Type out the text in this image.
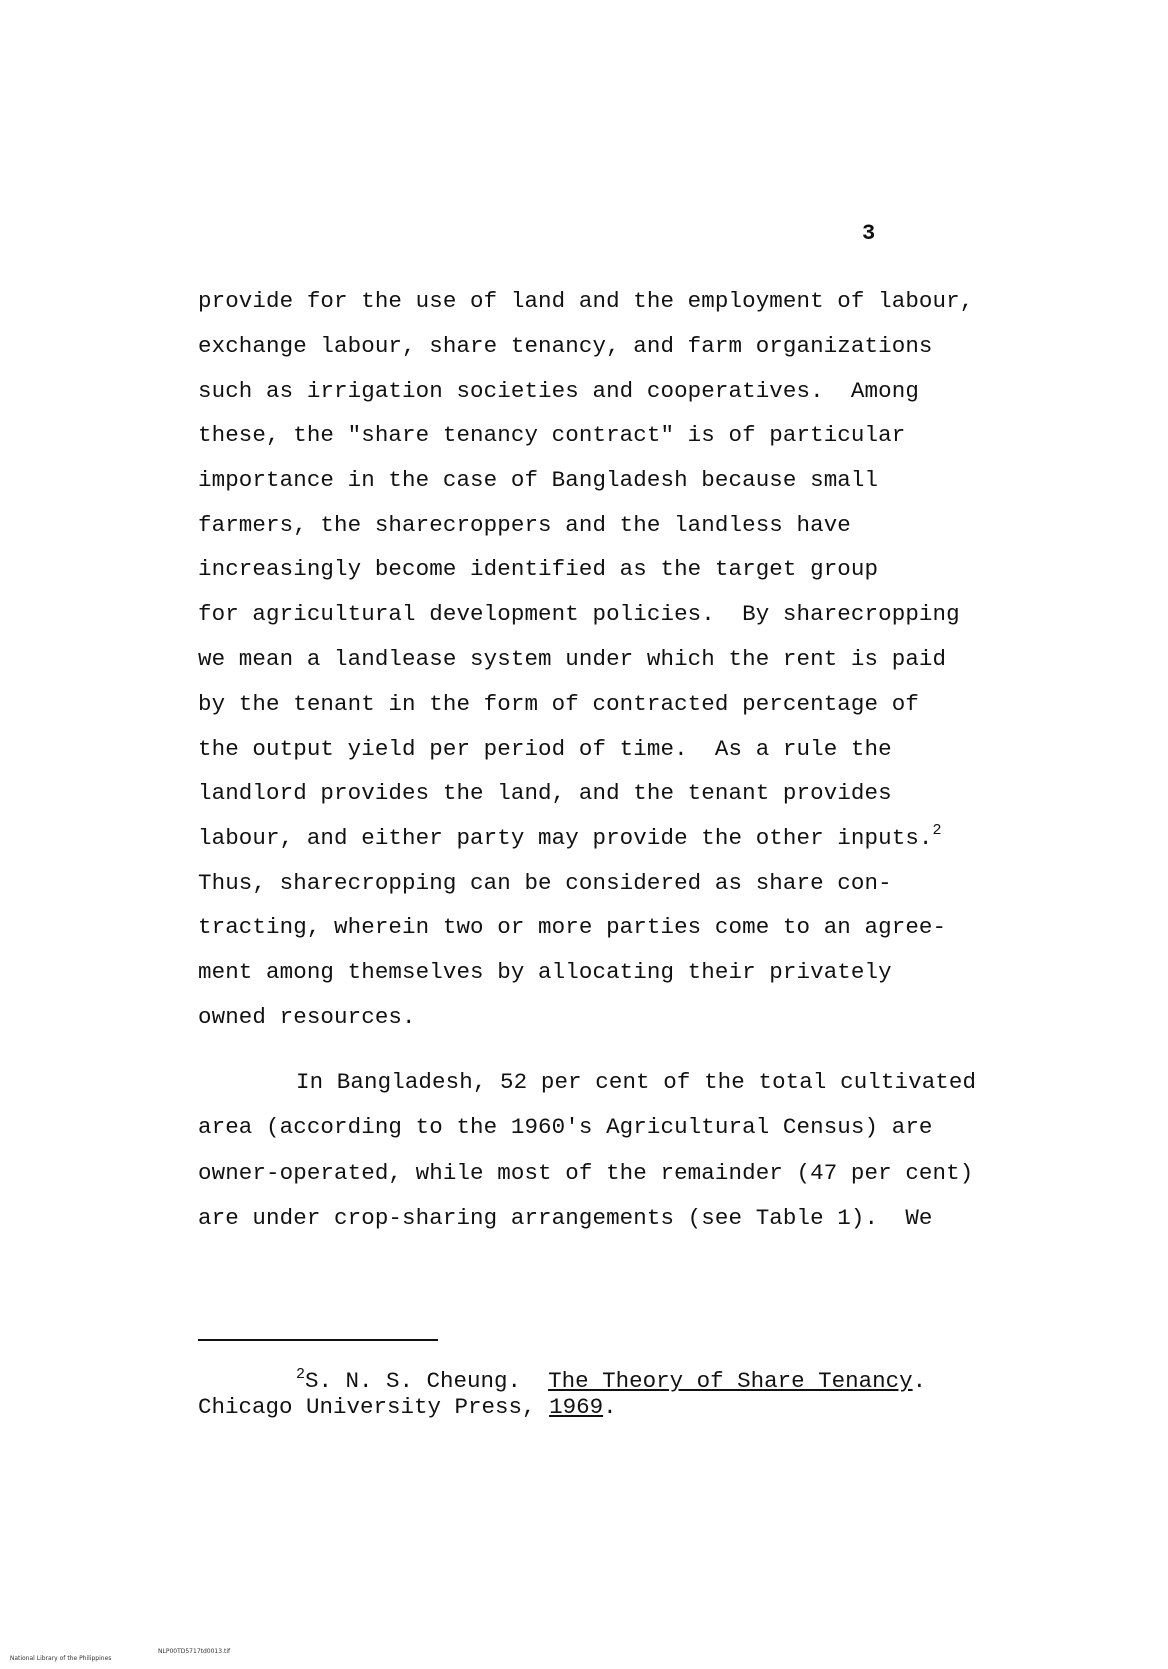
3
provide for the use of land and the employment of labour,
exchange labour, share tenancy, and farm organizations
such as irrigation societies and cooperatives.  Among
these, the "share tenancy contract" is of particular
importance in the case of Bangladesh because small
farmers, the sharecroppers and the landless have
increasingly become identified as the target group
for agricultural development policies.  By sharecropping
we mean a landlease system under which the rent is paid
by the tenant in the form of contracted percentage of
the output yield per period of time.  As a rule the
landlord provides the land, and the tenant provides
labour, and either party may provide the other inputs.$^2$
Thus, sharecropping can be considered as share con-
tracting, wherein two or more parties come to an agree-
ment among themselves by allocating their privately
owned resources.
In Bangladesh, 52 per cent of the total cultivated
area (according to the 1960's Agricultural Census) are
owner-operated, while most of the remainder (47 per cent)
are under crop-sharing arrangements (see Table 1).  We
$^2$S. N. S. Cheung.  The Theory of Share Tenancy.
Chicago University Press, 1969.

National Library of the Philippines

NLP00TD5717td0013.tif
